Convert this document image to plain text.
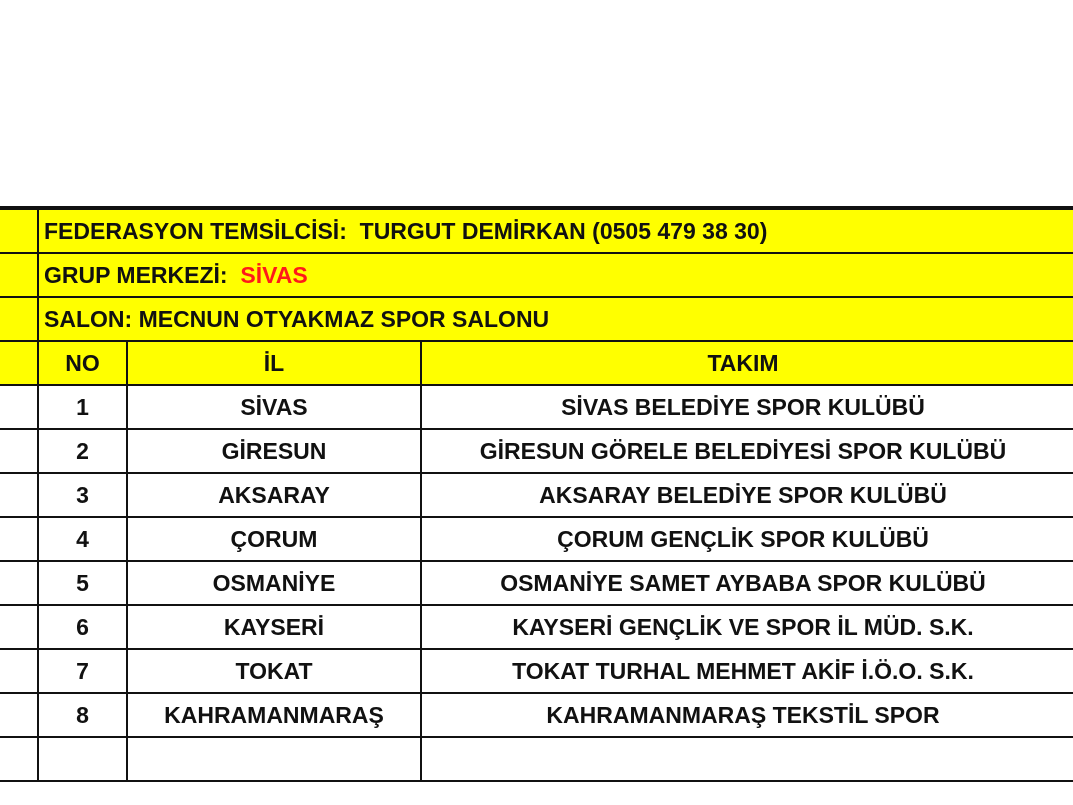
	FEDERASYON TEMSİLCİSİ: TURGUT DEMİRKAN (0505 479 38 30)		
	GRUP MERKEZİ: SİVAS		
	SALON: MECNUN OTYAKMAZ SPOR SALONU		
	NO	İL	TAKIM
	1	SİVAS	SİVAS BELEDİYE SPOR KULÜBÜ
	2	GİRESUN	GİRESUN GÖRELE BELEDİYESİ SPOR KULÜBÜ
	3	AKSARAY	AKSARAY BELEDİYE SPOR KULÜBÜ
	4	ÇORUM	ÇORUM GENÇLİK SPOR KULÜBÜ
	5	OSMANİYE	OSMANİYE SAMET AYBABA SPOR KULÜBÜ
	6	KAYSERİ	KAYSERİ GENÇLİK VE SPOR İL MÜD. S.K.
	7	TOKAT	TOKAT TURHAL MEHMET AKİF İ.Ö.O. S.K.
	8	KAHRAMANMARAŞ	KAHRAMANMARAŞ TEKSTİL SPOR
